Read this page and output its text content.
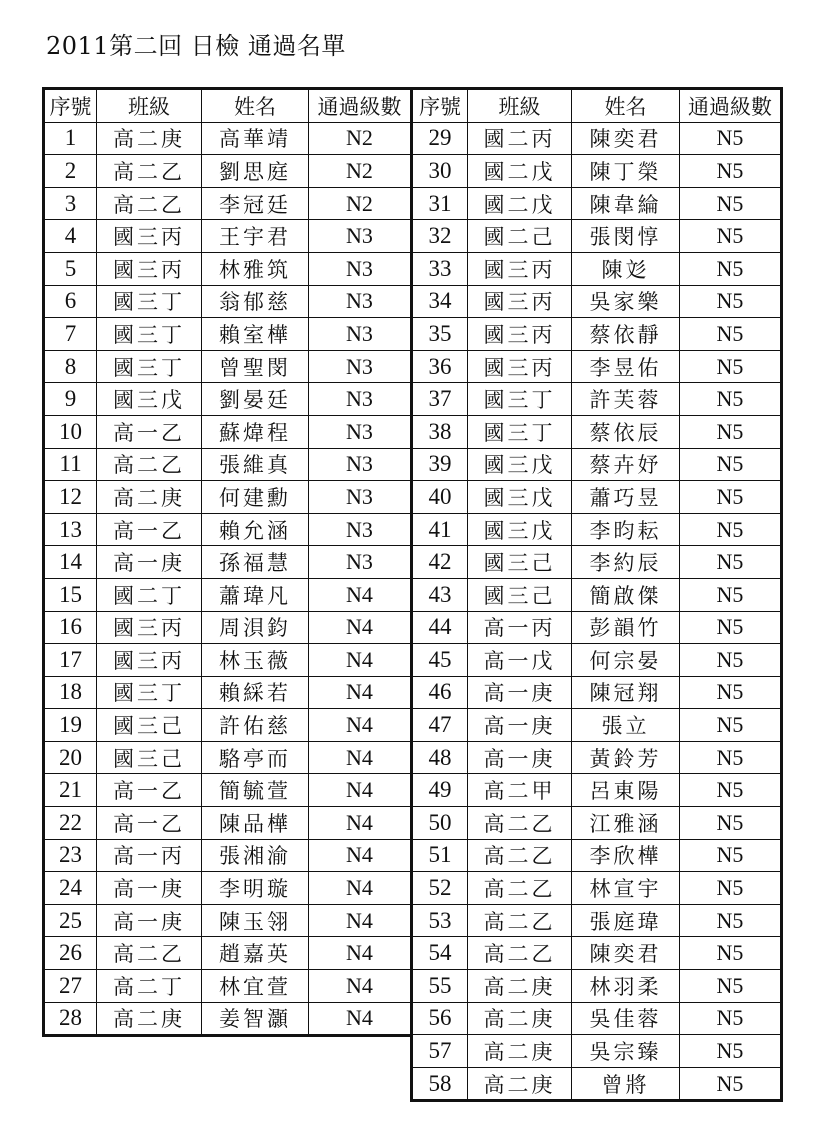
2011第二回 日檢 通過名單
序號	班級	姓名	通過級數
1	高二庚	高華靖	N2
2	高二乙	劉思庭	N2
3	高二乙	李冠廷	N2
4	國三丙	王宇君	N3
5	國三丙	林雅筑	N3
6	國三丁	翁郁慈	N3
7	國三丁	賴室樺	N3
8	國三丁	曾聖閔	N3
9	國三戊	劉晏廷	N3
10	高一乙	蘇煒程	N3
11	高二乙	張維真	N3
12	高二庚	何建勳	N3
13	高一乙	賴允涵	N3
14	高一庚	孫福慧	N3
15	國二丁	蕭瑋凡	N4
16	國三丙	周浿鈞	N4
17	國三丙	林玉薇	N4
18	國三丁	賴綵若	N4
19	國三己	許佑慈	N4
20	國三己	駱亭而	N4
21	高一乙	簡毓萱	N4
22	高一乙	陳品樺	N4
23	高一丙	張湘渝	N4
24	高一庚	李明璇	N4
25	高一庚	陳玉翎	N4
26	高二乙	趙嘉英	N4
27	高二丁	林宜萱	N4
28	高二庚	姜智灝	N4
序號	班級	姓名	通過級數
29	國二丙	陳奕君	N5
30	國二戊	陳丁榮	N5
31	國二戊	陳韋綸	N5
32	國二己	張閔惇	N5
33	國三丙	陳彣	N5
34	國三丙	吳家樂	N5
35	國三丙	蔡依靜	N5
36	國三丙	李昱佑	N5
37	國三丁	許芙蓉	N5
38	國三丁	蔡依辰	N5
39	國三戊	蔡卉妤	N5
40	國三戊	蕭巧昱	N5
41	國三戊	李昀耘	N5
42	國三己	李約辰	N5
43	國三己	簡啟傑	N5
44	高一丙	彭韻竹	N5
45	高一戊	何宗晏	N5
46	高一庚	陳冠翔	N5
47	高一庚	張立	N5
48	高一庚	黃鈴芳	N5
49	高二甲	呂東陽	N5
50	高二乙	江雅涵	N5
51	高二乙	李欣樺	N5
52	高二乙	林宣宇	N5
53	高二乙	張庭瑋	N5
54	高二乙	陳奕君	N5
55	高二庚	林羽柔	N5
56	高二庚	吳佳蓉	N5
57	高二庚	吳宗臻	N5
58	高二庚	曾將	N5
